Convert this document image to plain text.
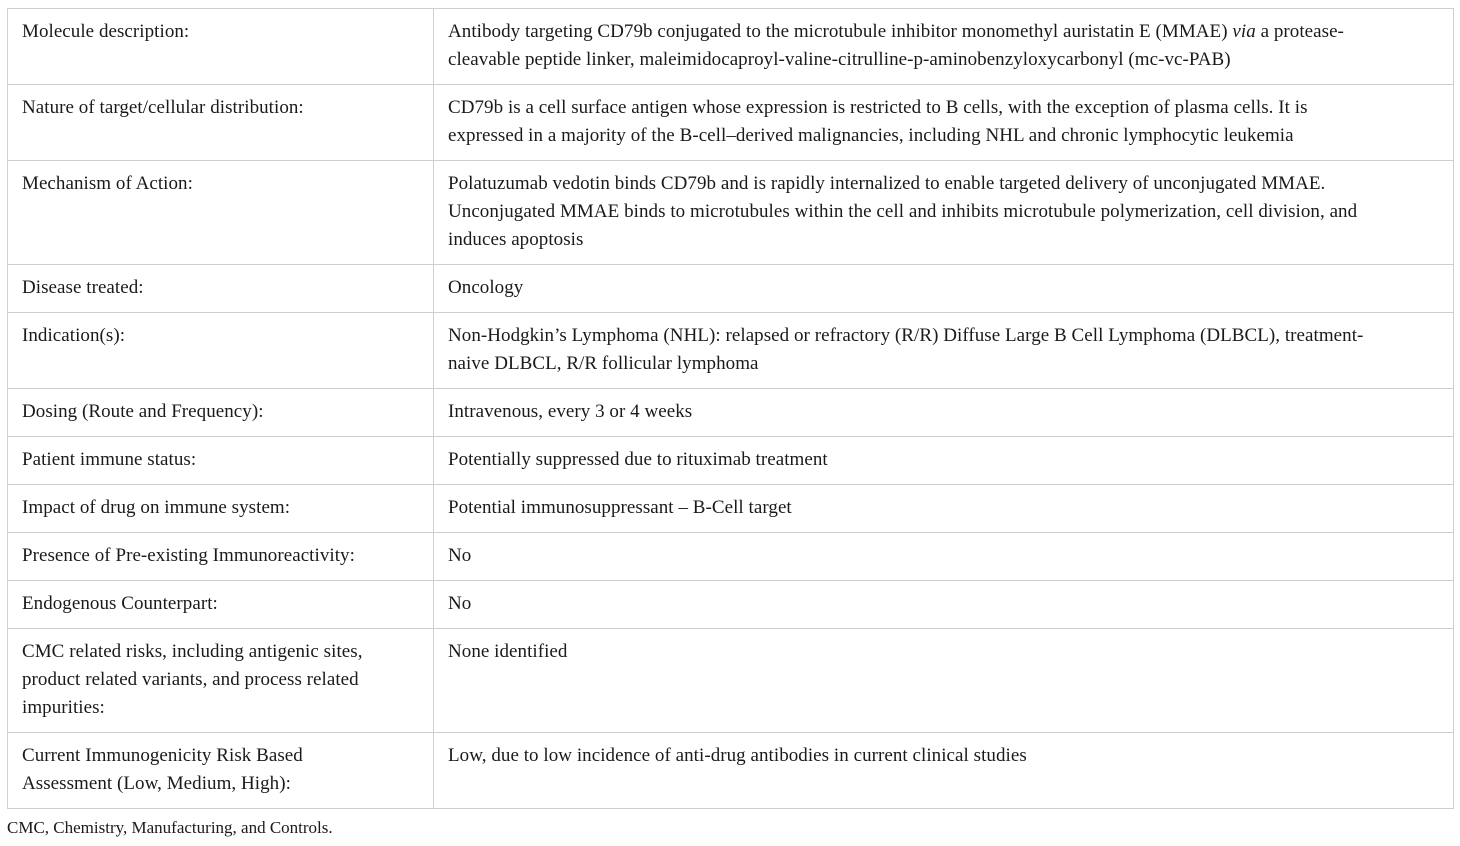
Molecule description:	Antibody targeting CD79b conjugated to the microtubule inhibitor monomethyl auristatin E (MMAE) via a protease-
cleavable peptide linker, maleimidocaproyl-valine-citrulline-p-aminobenzyloxycarbonyl (mc-vc-PAB)
Nature of target/cellular distribution:	CD79b is a cell surface antigen whose expression is restricted to B cells, with the exception of plasma cells. It is
expressed in a majority of the B-cell–derived malignancies, including NHL and chronic lymphocytic leukemia
Mechanism of Action:	Polatuzumab vedotin binds CD79b and is rapidly internalized to enable targeted delivery of unconjugated MMAE.
Unconjugated MMAE binds to microtubules within the cell and inhibits microtubule polymerization, cell division, and
induces apoptosis
Disease treated:	Oncology
Indication(s):	Non-Hodgkin’s Lymphoma (NHL): relapsed or refractory (R/R) Diffuse Large B Cell Lymphoma (DLBCL), treatment-
naive DLBCL, R/R follicular lymphoma
Dosing (Route and Frequency):	Intravenous, every 3 or 4 weeks
Patient immune status:	Potentially suppressed due to rituximab treatment
Impact of drug on immune system:	Potential immunosuppressant – B-Cell target
Presence of Pre-existing Immunoreactivity:	No
Endogenous Counterpart:	No
CMC related risks, including antigenic sites,
product related variants, and process related
impurities:	None identified
Current Immunogenicity Risk Based
Assessment (Low, Medium, High):	Low, due to low incidence of anti-drug antibodies in current clinical studies
CMC, Chemistry, Manufacturing, and Controls.
